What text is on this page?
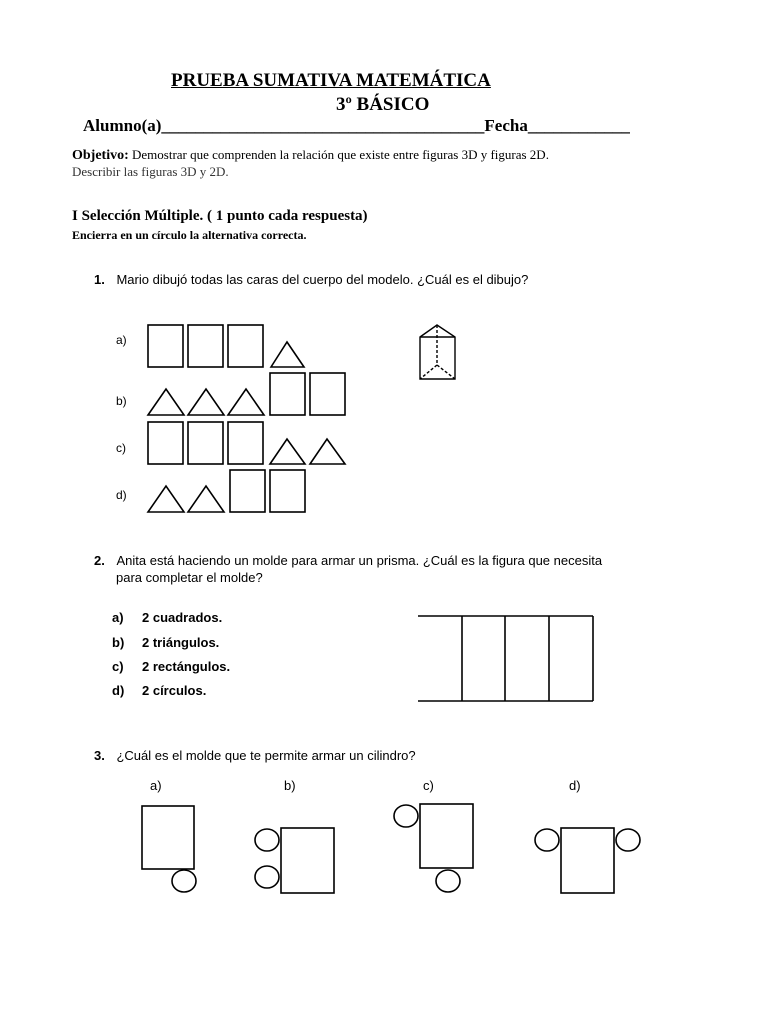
PRUEBA SUMATIVA MATEMÁTICA
3º BÁSICO
Alumno(a)______________________________________Fecha____________
Objetivo: Demostrar que comprenden la relación que existe entre figuras 3D y figuras 2D.
Describir las figuras 3D y 2D.
I Selección Múltiple. ( 1 punto cada respuesta)
Encierra en un círculo la alternativa correcta.
1. Mario dibujó todas las caras del cuerpo del modelo. ¿Cuál es el dibujo?
a)
b)
c)
d)
2. Anita está haciendo un molde para armar un prisma. ¿Cuál es la figura que necesita
para completar el molde?
a) 2 cuadrados.
b) 2 triángulos.
c) 2 rectángulos.
d) 2 círculos.
3. ¿Cuál es el molde que te permite armar un cilindro?
a)	b)	c)	d)
